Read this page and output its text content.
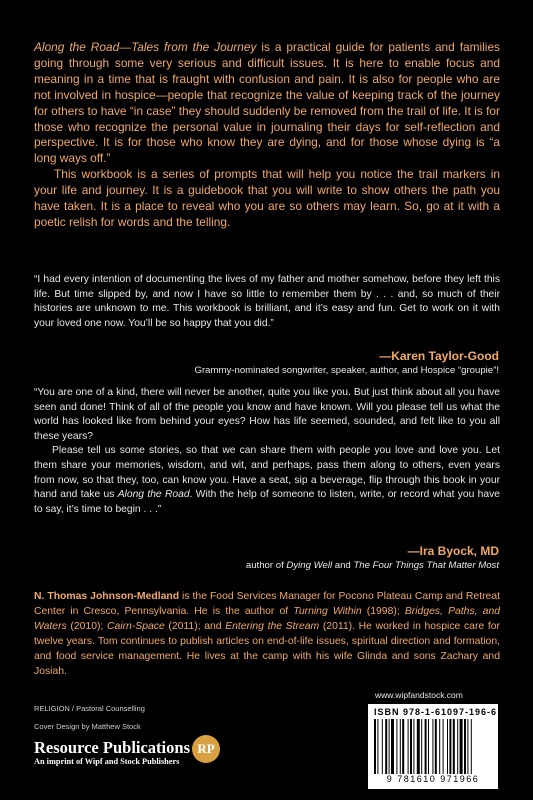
Along the Road—Tales from the Journey is a practical guide for patients and families going through some very serious and difficult issues. It is here to enable focus and meaning in a time that is fraught with confusion and pain. It is also for people who are not involved in hospice—people that recognize the value of keeping track of the journey for others to have “in case” they should suddenly be removed from the trail of life. It is for those who recognize the personal value in journaling their days for self-reflection and perspective. It is for those who know they are dying, and for those whose dying is “a long ways off.”

This workbook is a series of prompts that will help you notice the trail markers in your life and journey. It is a guidebook that you will write to show others the path you have taken. It is a place to reveal who you are so others may learn. So, go at it with a poetic relish for words and the telling.

“I had every intention of documenting the lives of my father and mother somehow, before they left this life. But time slipped by, and now I have so little to remember them by . . . and, so much of their histories are unknown to me. This workbook is brilliant, and it’s easy and fun. Get to work on it with your loved one now. You’ll be so happy that you did.”

—Karen Taylor-Good
Grammy-nominated songwriter, speaker, author, and Hospice “groupie”!

“You are one of a kind, there will never be another, quite you like you. But just think about all you have seen and done! Think of all of the people you know and have known. Will you please tell us what the world has looked like from behind your eyes? How has life seemed, sounded, and felt like to you all these years?

Please tell us some stories, so that we can share them with people you love and love you. Let them share your memories, wisdom, and wit, and perhaps, pass them along to others, even years from now, so that they, too, can know you. Have a seat, sip a beverage, flip through this book in your hand and take us Along the Road. With the help of someone to listen, write, or record what you have to say, it’s time to begin . . .”

—Ira Byock, MD
author of Dying Well and The Four Things That Matter Most
N. Thomas Johnson-Medland is the Food Services Manager for Pocono Plateau Camp and Retreat Center in Cresco, Pennsylvania. He is the author of Turning Within (1998); Bridges, Paths, and Waters (2010); Cairn-Space (2011); and Entering the Stream (2011). He worked in hospice care for twelve years. Tom continues to publish articles on end-of-life issues, spiritual direction and formation, and food service management. He lives at the camp with his wife Glinda and sons Zachary and Josiah.
RELIGION / Pastoral Counselling
Cover Design by Matthew Stock
Resource Publications
An imprint of Wipf and Stock Publishers
RP
www.wipfandstock.com
ISBN 978-1-61097-196-6
9 781610 971966
